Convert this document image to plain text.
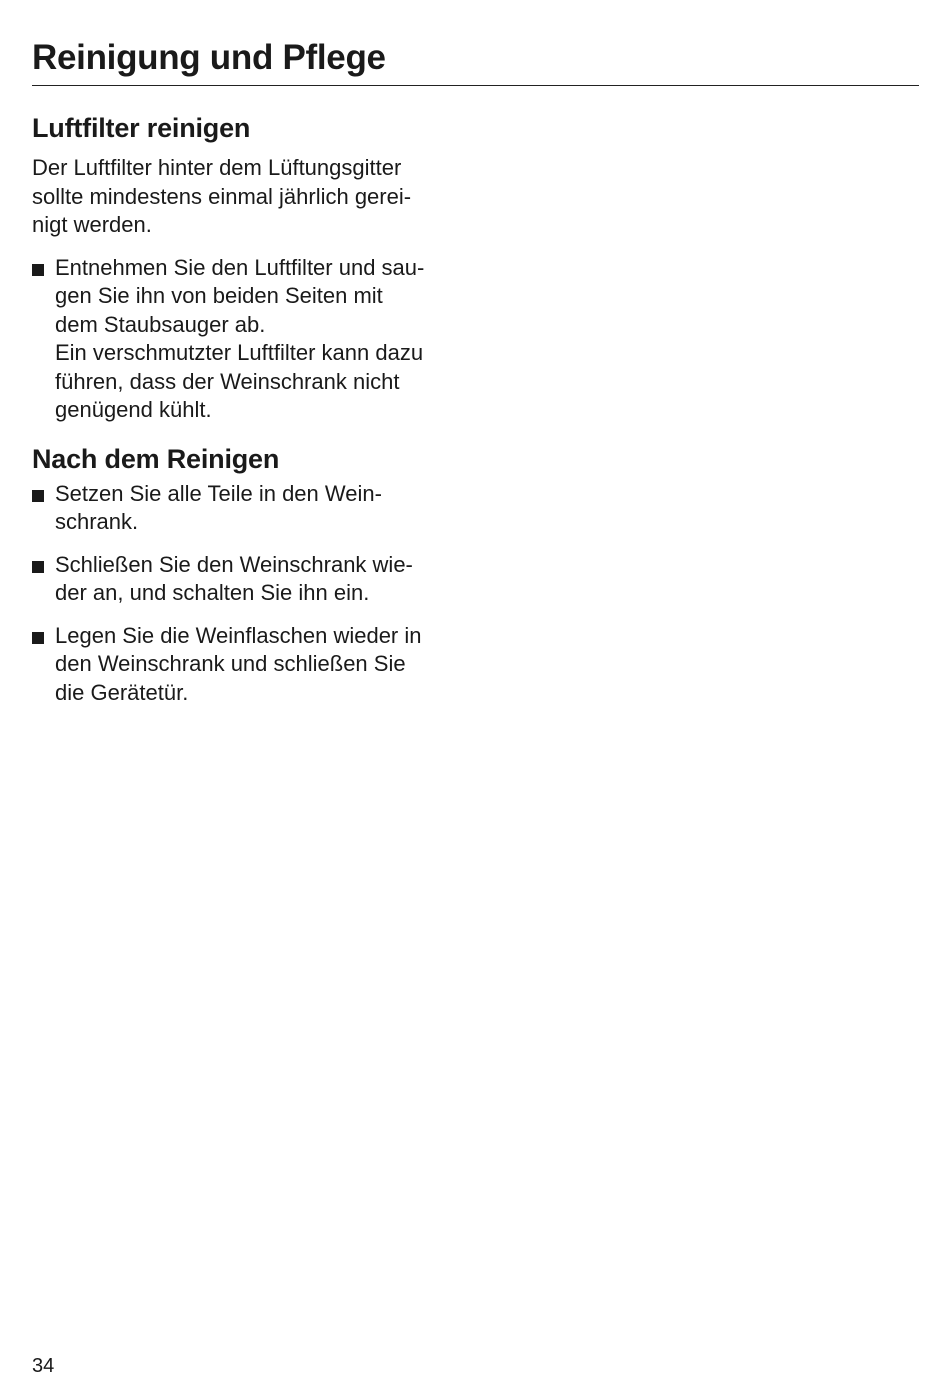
Reinigung und Pflege
Luftfilter reinigen

Der Luftfilter hinter dem Lüftungsgitter
sollte mindestens einmal jährlich gerei-
nigt werden.

Entnehmen Sie den Luftfilter und sau-
gen Sie ihn von beiden Seiten mit
dem Staubsauger ab.
Ein verschmutzter Luftfilter kann dazu
führen, dass der Weinschrank nicht
genügend kühlt.
Nach dem Reinigen
Setzen Sie alle Teile in den Wein-
schrank.
Schließen Sie den Weinschrank wie-
der an, und schalten Sie ihn ein.
Legen Sie die Weinflaschen wieder in
den Weinschrank und schließen Sie
die Gerätetür.
34
